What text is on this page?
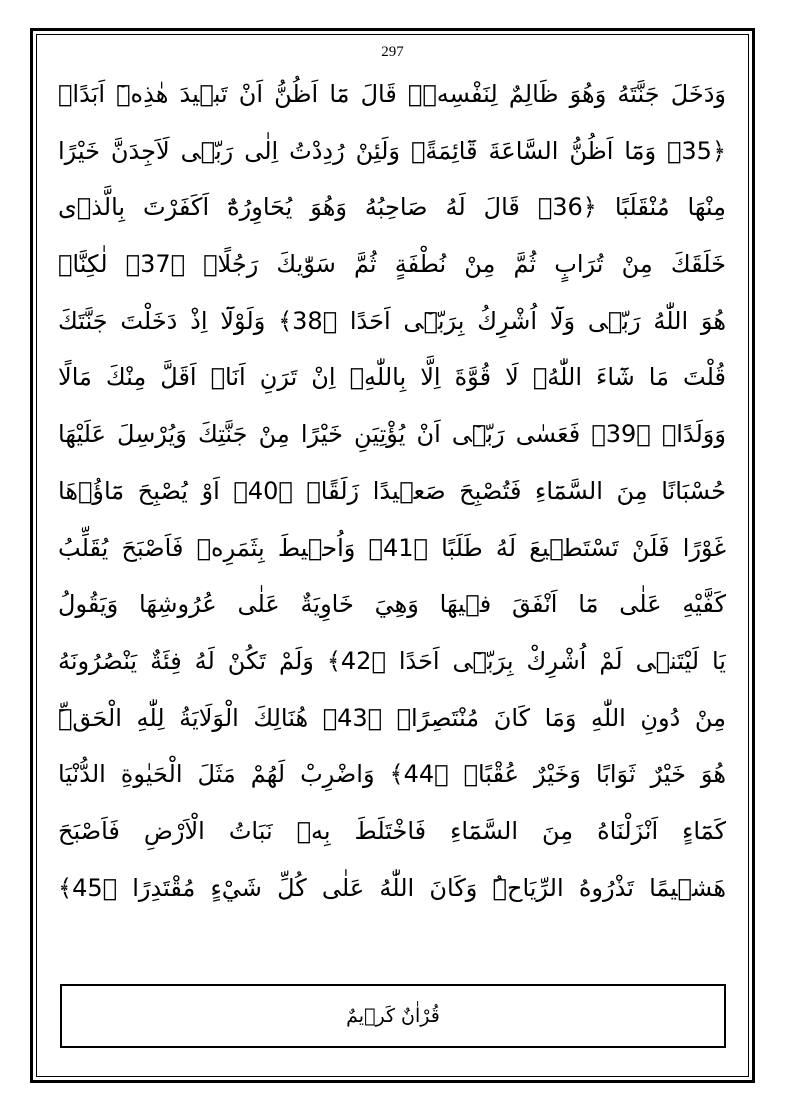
297
وَدَخَلَ جَنَّتَهُ وَهُوَ ظَالِمٌ لِنَفْسِهٖۚ قَالَ مَٓا اَظُنُّ اَنْ تَب۪يدَ هٰذِهٖٓ اَبَدًاۙ
﴿35﴾ وَمَٓا اَظُنُّ السَّاعَةَ قَٓائِمَةًۙ وَلَئِنْ رُدِدْتُ اِلٰى رَبّ۪ى لَاَجِدَنَّ خَيْرًا
مِنْهَا مُنْقَلَبًا ﴿36﴾ قَالَ لَهُ صَاحِبُهُ وَهُوَ يُحَاوِرُهُٓ اَكَفَرْتَ بِالَّذ۪ى
خَلَقَكَ مِنْ تُرَابٍ ثُمَّ مِنْ نُطْفَةٍ ثُمَّ سَوّٰيكَ رَجُلًاۜ ﴿37﴾ لٰكِنَّا۬
هُوَ اللّٰهُ رَبّ۪ى وَلَٓا اُشْرِكُ بِرَبّ۪ٓى اَحَدًا ﴿38﴾ وَلَوْلَٓا اِذْ دَخَلْتَ جَنَّتَكَ
قُلْتَ مَا شَٓاءَ اللّٰهُۙ لَا قُوَّةَ اِلَّا بِاللّٰهِۚ اِنْ تَرَنِ اَنَا۬ اَقَلَّ مِنْكَ مَالًا
وَوَلَدًاۚ ﴿39﴾ فَعَسٰى رَبّ۪ٓى اَنْ يُؤْتِيَنِ خَيْرًا مِنْ جَنَّتِكَ وَيُرْسِلَ عَلَيْهَا
حُسْبَانًا مِنَ السَّمَٓاءِ فَتُصْبِحَ صَع۪يدًا زَلَقًاۙ ﴿40﴾ اَوْ يُصْبِحَ مَٓاؤُ۬هَا
غَوْرًا فَلَنْ تَسْتَط۪يعَ لَهُ طَلَبًا ﴿41﴾ وَاُح۪يطَ بِثَمَرِه۪ فَاَصْبَحَ يُقَلِّبُ
كَفَّيْهِ عَلٰى مَٓا اَنْفَقَ ف۪يهَا وَهِيَ خَاوِيَةٌ عَلٰى عُرُوشِهَا وَيَقُولُ
يَا لَيْتَن۪ى لَمْ اُشْرِكْ بِرَبّ۪ٓى اَحَدًا ﴿42﴾ وَلَمْ تَكُنْ لَهُ فِئَةٌ يَنْصُرُونَهُ
مِنْ دُونِ اللّٰهِ وَمَا كَانَ مُنْتَصِرًاۜ ﴿43﴾ هُنَالِكَ الْوَلَايَةُ لِلّٰهِ الْحَقِّۜ
هُوَ خَيْرٌ ثَوَابًا وَخَيْرٌ عُقْبًاࣖ ﴿44﴾ وَاضْرِبْ لَهُمْ مَثَلَ الْحَيٰوةِ الدُّنْيَا
كَمَٓاءٍ اَنْزَلْنَاهُ مِنَ السَّمَٓاءِ فَاخْتَلَطَ بِه۪ نَبَاتُ الْاَرْضِ فَاَصْبَحَ
هَش۪يمًا تَذْرُوهُ الرِّيَاحُۜ وَكَانَ اللّٰهُ عَلٰى كُلِّ شَيْءٍ مُقْتَدِرًا ﴿45﴾
قُرْاٰنٌ كَر۪يمٌ
